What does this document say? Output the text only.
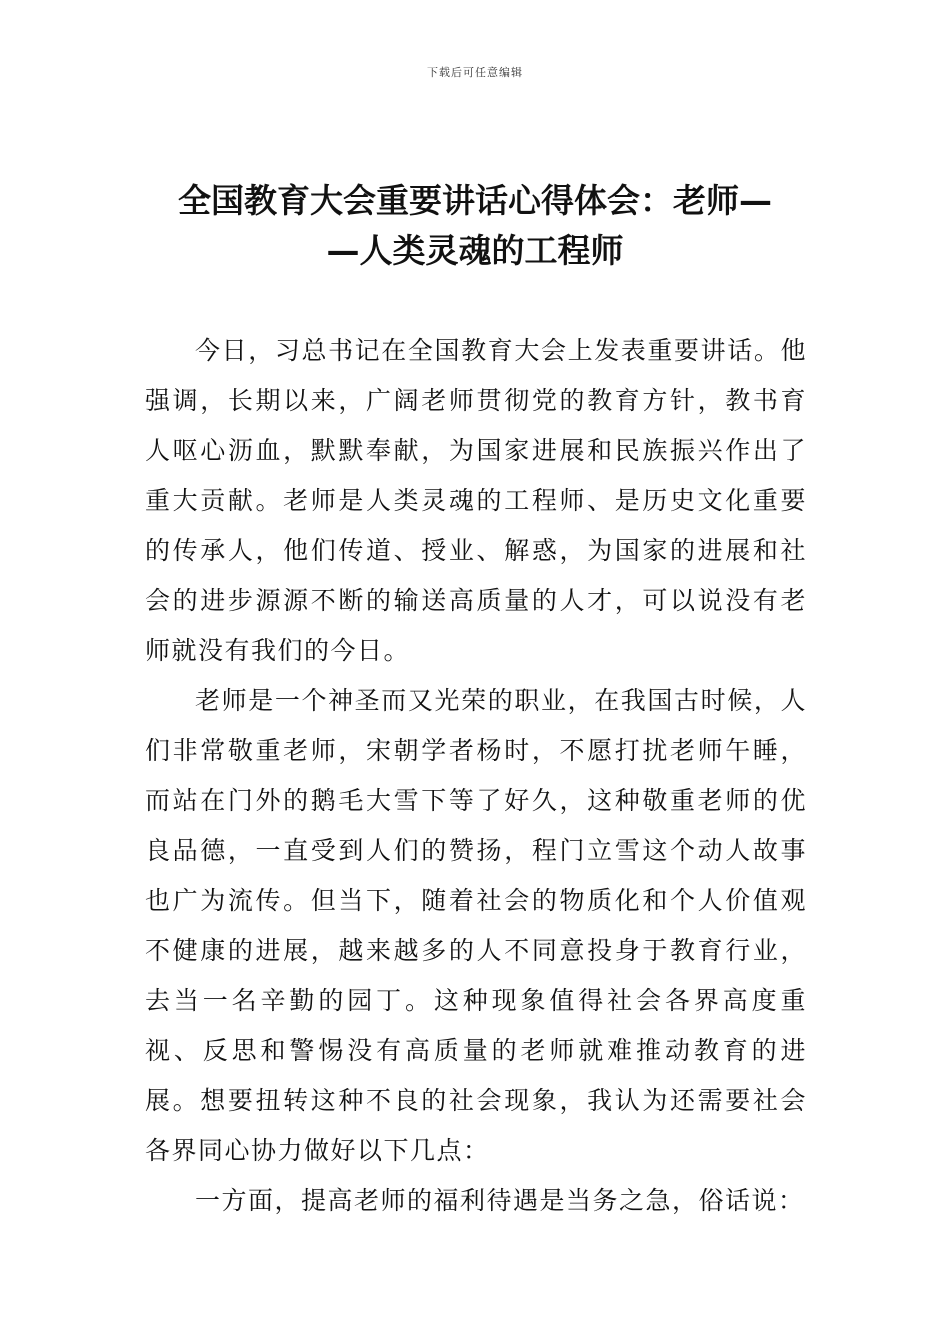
下载后可任意编辑
全国教育大会重要讲话心得体会：老师—
—人类灵魂的工程师

今日，习总书记在全国教育大会上发表重要讲话。他强调，长期以来，广阔老师贯彻党的教育方针，教书育人呕心沥血，默默奉献，为国家进展和民族振兴作出了重大贡献。老师是人类灵魂的工程师、是历史文化重要的传承人，他们传道、授业、解惑，为国家的进展和社会的进步源源不断的输送高质量的人才，可以说没有老师就没有我们的今日。

老师是一个神圣而又光荣的职业，在我国古时候，人们非常敬重老师，宋朝学者杨时，不愿打扰老师午睡，而站在门外的鹅毛大雪下等了好久，这种敬重老师的优良品德，一直受到人们的赞扬，程门立雪这个动人故事也广为流传。但当下，随着社会的物质化和个人价值观不健康的进展，越来越多的人不同意投身于教育行业，去当一名辛勤的园丁。这种现象值得社会各界高度重视、反思和警惕没有高质量的老师就难推动教育的进展。想要扭转这种不良的社会现象，我认为还需要社会各界同心协力做好以下几点：

一方面，提高老师的福利待遇是当务之急，俗话说：
